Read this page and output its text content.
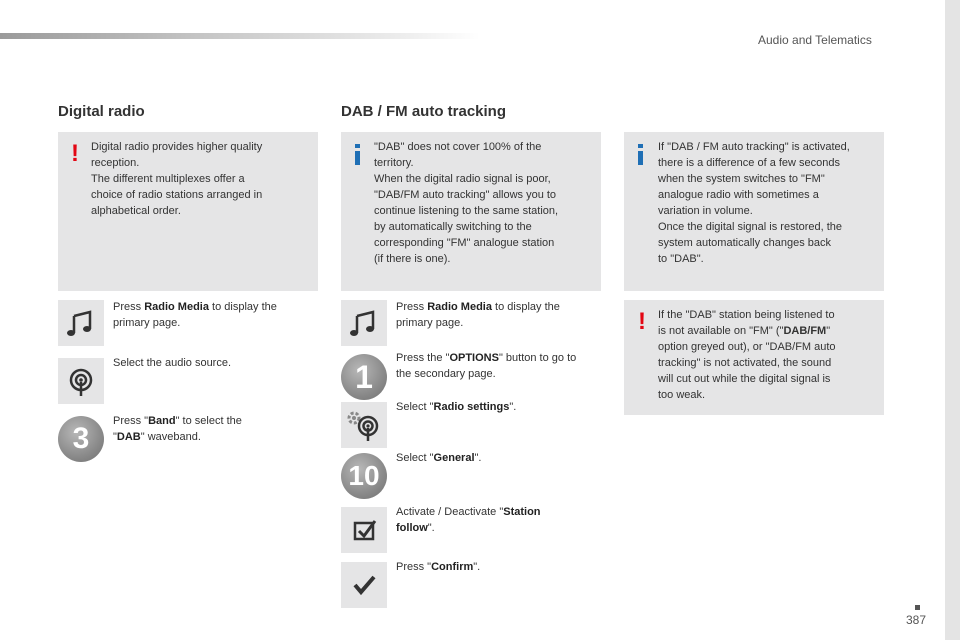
Audio and Telematics
Digital radio
! Digital radio provides higher quality
reception.
The different multiplexes offer a
choice of radio stations arranged in
alphabetical order.

Press Radio Media to display the
primary page.

Select the audio source.

3

Press "Band" to select the
"DAB" waveband.

DAB / FM auto tracking

"DAB" does not cover 100% of the
territory.
When the digital radio signal is poor,
"DAB/FM auto tracking" allows you to
continue listening to the same station,
by automatically switching to the
corresponding "FM" analogue station
(if there is one).

Press Radio Media to display the
primary page.

1

Press the "OPTIONS" button to go to
the secondary page.

Select "Radio settings".

10

Select "General".

Activate / Deactivate "Station
follow".

Press "Confirm".

If "DAB / FM auto tracking" is activated,
there is a difference of a few seconds
when the system switches to "FM"
analogue radio with sometimes a
variation in volume.
Once the digital signal is restored, the
system automatically changes back
to "DAB".

! If the "DAB" station being listened to
is not available on "FM" ("DAB/FM"
option greyed out), or "DAB/FM auto
tracking" is not activated, the sound
will cut out while the digital signal is
too weak.

387
